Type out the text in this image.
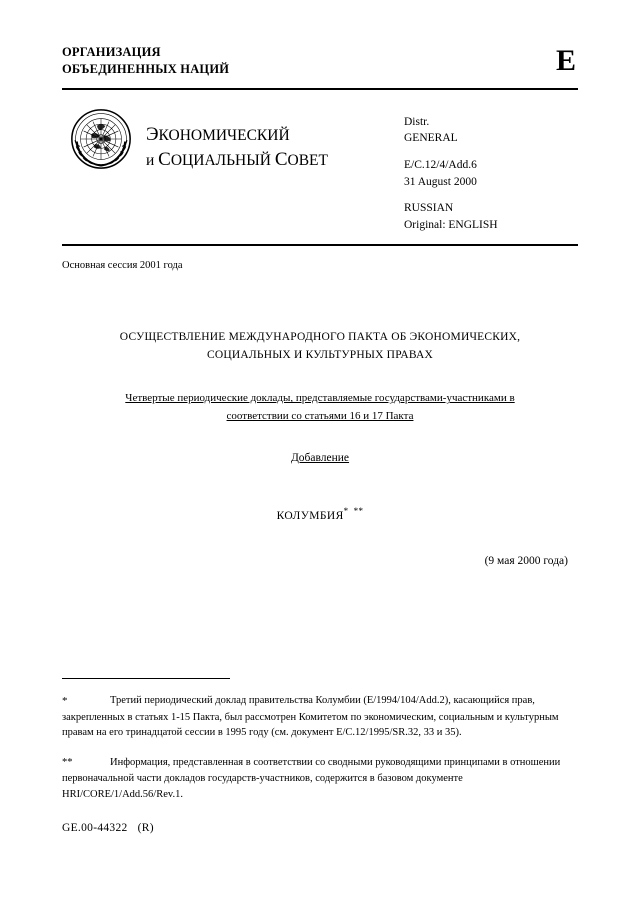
ОРГАНИЗАЦИЯ
ОБЪЕДИНЕННЫХ НАЦИЙ	E
ЭКОНОМИЧЕСКИЙ
и СОЦИАЛЬНЫЙ СОВЕТ
Distr.
GENERAL
E/C.12/4/Add.6
31 August 2000
RUSSIAN
Original: ENGLISH
Основная сессия 2001 года
ОСУЩЕСТВЛЕНИЕ МЕЖДУНАРОДНОГО ПАКТА ОБ ЭКОНОМИЧЕСКИХ,
СОЦИАЛЬНЫХ И КУЛЬТУРНЫХ ПРАВАХ
Четвертые периодические доклады, представляемые государствами-участниками в
соответствии со статьями 16 и 17 Пакта
Добавление
КОЛУМБИЯ* **
(9 мая 2000 года)
*	Третий периодический доклад правительства Колумбии (E/1994/104/Add.2), касающийся прав, закрепленных в статьях 1-15 Пакта, был рассмотрен Комитетом по экономическим, социальным и культурным правам на его тринадцатой сессии в 1995 году (см. документ E/C.12/1995/SR.32, 33 и 35).
**	Информация, представленная в соответствии со сводными руководящими принципами в отношении первоначальной части докладов государств-участников, содержится в базовом документе HRI/CORE/1/Add.56/Rev.1.
GE.00-44322 (R)
